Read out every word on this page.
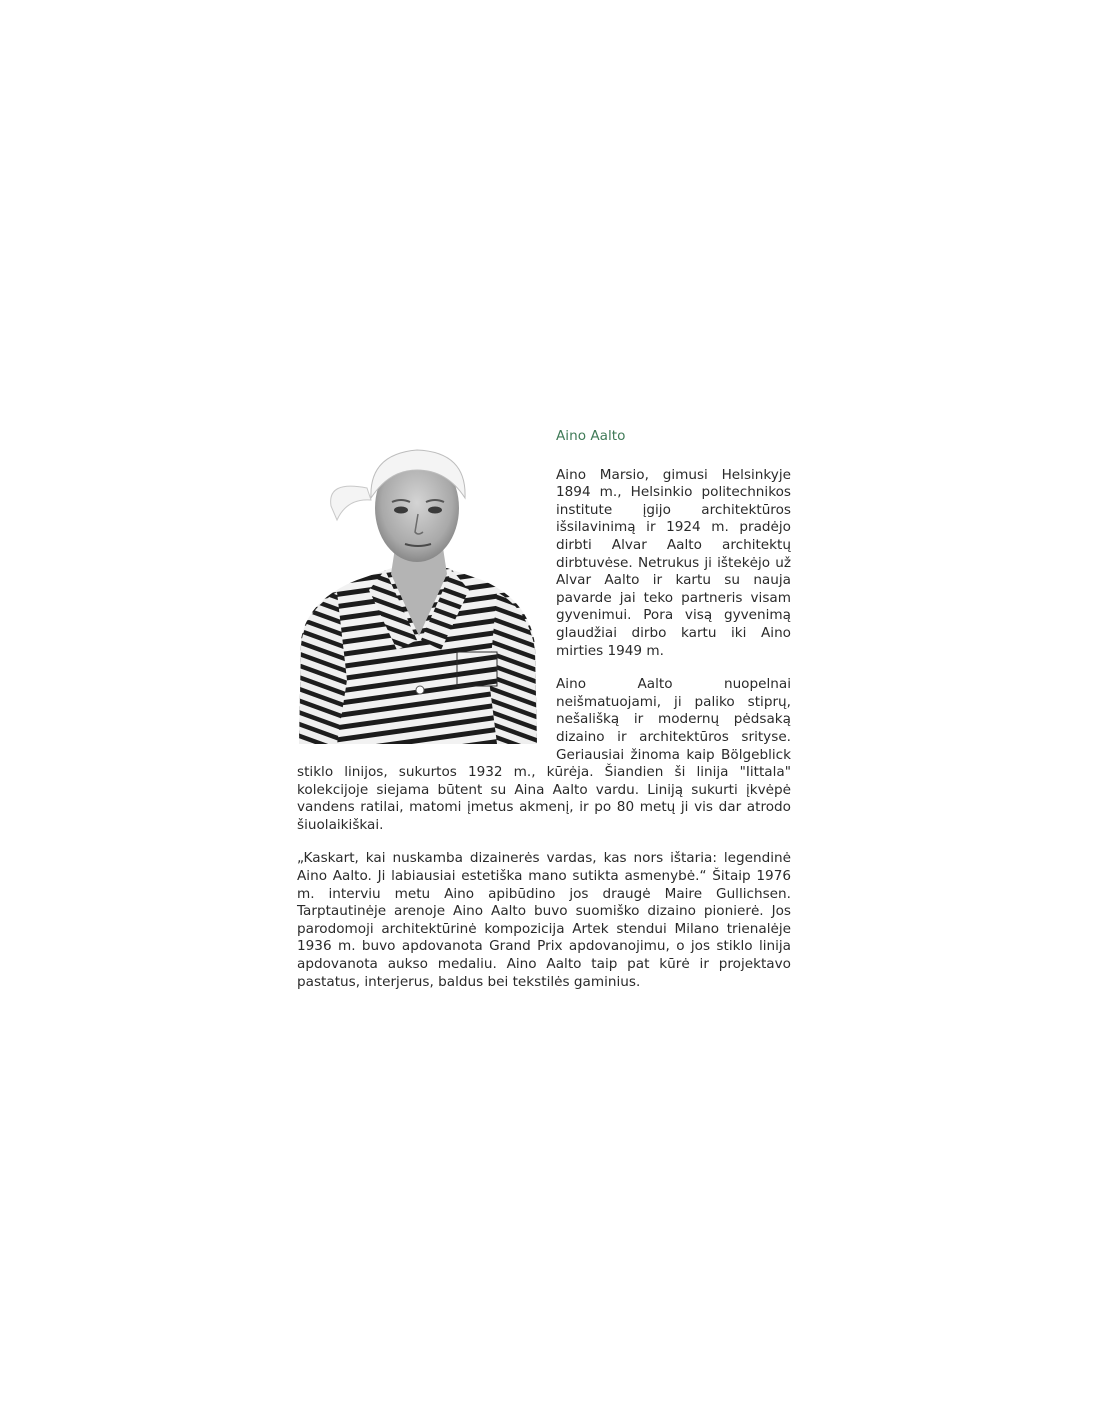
Aino Aalto

Aino Marsio, gimusi Helsinkyje 1894 m., Helsinkio politechnikos institute įgijo architektūros išsilavinimą ir 1924 m. pradėjo dirbti Alvar Aalto architektų dirbtuvėse. Netrukus ji ištekėjo už Alvar Aalto ir kartu su nauja pavarde jai teko partneris visam gyvenimui. Pora visą gyvenimą glaudžiai dirbo kartu iki Aino mirties 1949 m.

Aino Aalto nuopelnai neišmatuojami, ji paliko stiprų, nešališką ir modernų pėdsaką dizaino ir architektūros srityse. Geriausiai žinoma kaip Bölgeblick stiklo linijos, sukurtos 1932 m., kūrėja. Šiandien ši linija "Iittala" kolekcijoje siejama būtent su Aina Aalto vardu. Liniją sukurti įkvėpė vandens ratilai, matomi įmetus akmenį, ir po 80 metų ji vis dar atrodo šiuolaikiškai.

„Kaskart, kai nuskamba dizainerės vardas, kas nors ištaria: legendinė Aino Aalto. Ji labiausiai estetiška mano sutikta asmenybė.“ Šitaip 1976 m. interviu metu Aino apibūdino jos draugė Maire Gullichsen. Tarptautinėje arenoje Aino Aalto buvo suomiško dizaino pionierė. Jos parodomoji architektūrinė kompozicija Artek stendui Milano trienalėje 1936 m. buvo apdovanota Grand Prix apdovanojimu, o jos stiklo linija apdovanota aukso medaliu. Aino Aalto taip pat kūrė ir projektavo pastatus, interjerus, baldus bei tekstilės gaminius.
